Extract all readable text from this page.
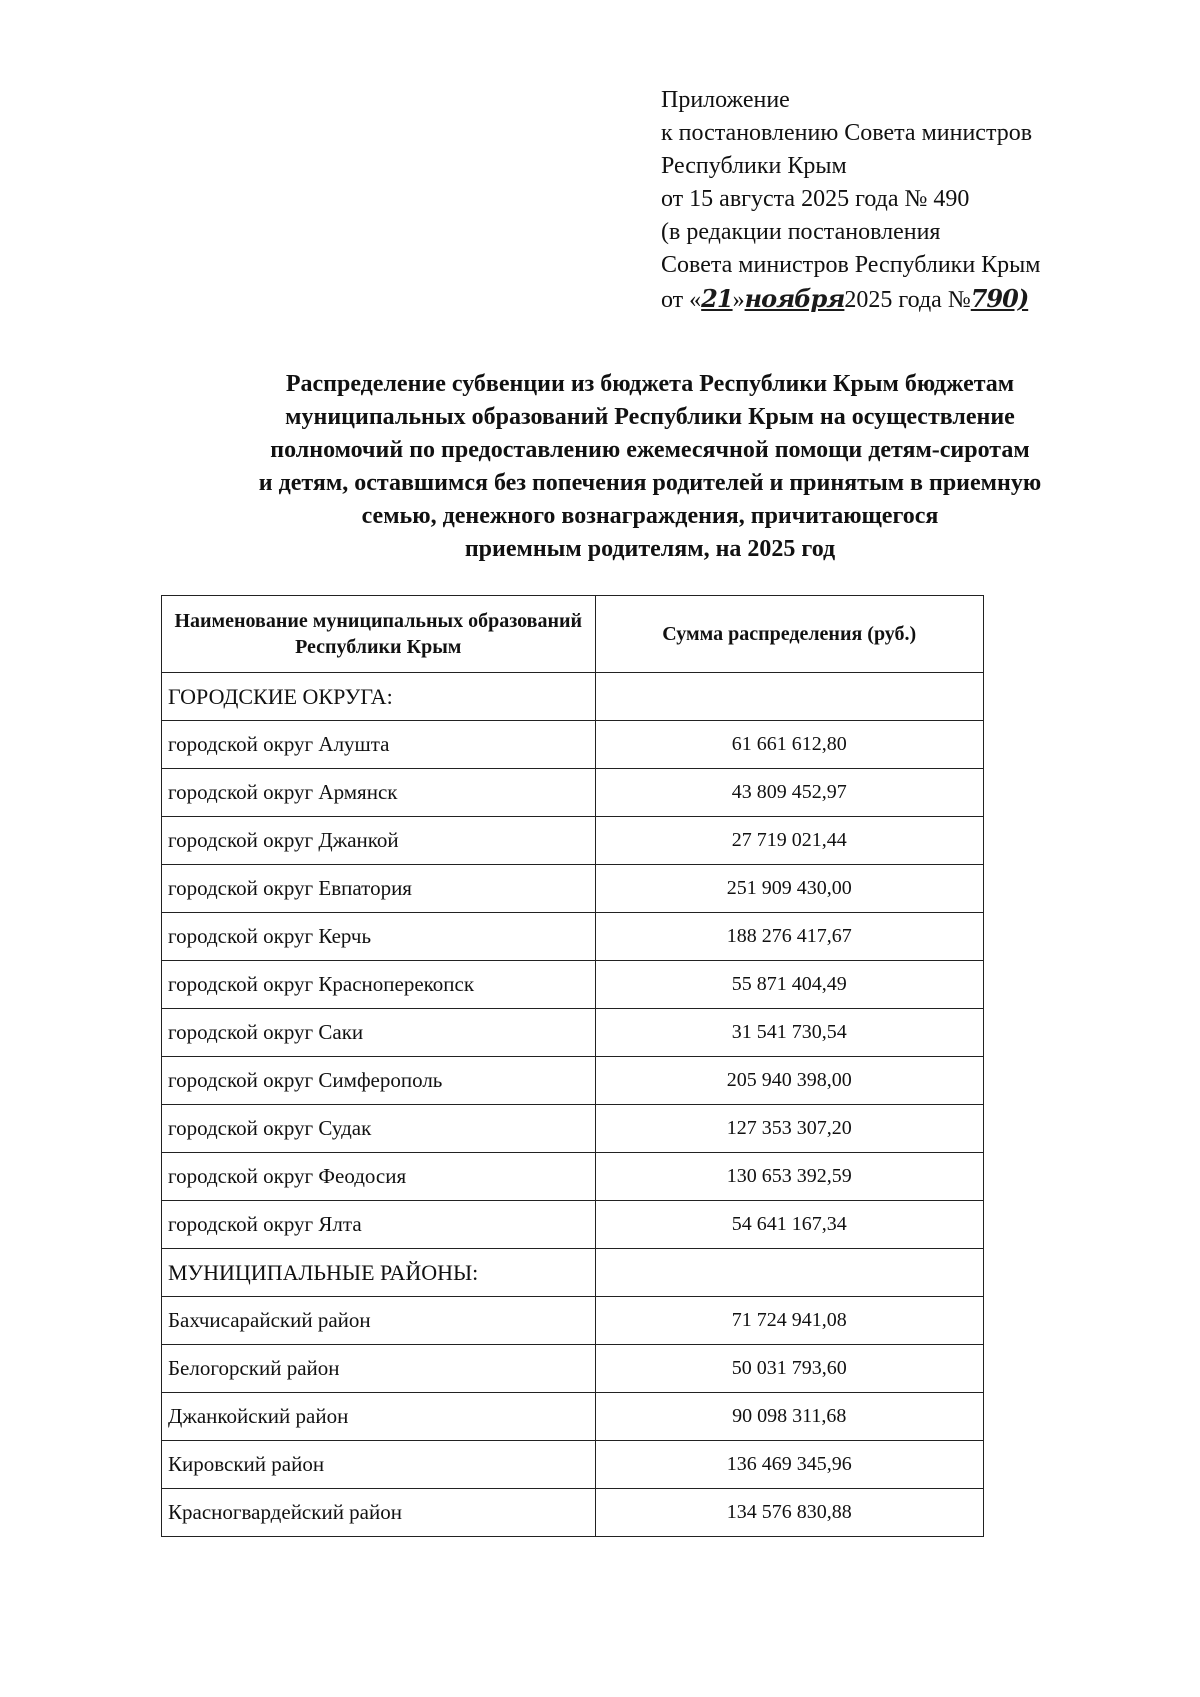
Приложение
к постановлению Совета министров
Республики Крым
от 15 августа 2025 года № 490
(в редакции постановления
Совета министров Республики Крым
от «21»ноября2025 года №790)
Распределение субвенции из бюджета Республики Крым бюджетам
муниципальных образований Республики Крым на осуществление
полномочий по предоставлению ежемесячной помощи детям-сиротам
и детям, оставшимся без попечения родителей и принятым в приемную
семью, денежного вознаграждения, причитающегося
приемным родителям, на 2025 год
Наименование муниципальных образований Республики Крым	Сумма распределения (руб.)
ГОРОДСКИЕ ОКРУГА:	
городской округ Алушта	61 661 612,80
городской округ Армянск	43 809 452,97
городской округ Джанкой	27 719 021,44
городской округ Евпатория	251 909 430,00
городской округ Керчь	188 276 417,67
городской округ Красноперекопск	55 871 404,49
городской округ Саки	31 541 730,54
городской округ Симферополь	205 940 398,00
городской округ Судак	127 353 307,20
городской округ Феодосия	130 653 392,59
городской округ Ялта	54 641 167,34
МУНИЦИПАЛЬНЫЕ РАЙОНЫ:	
Бахчисарайский район	71 724 941,08
Белогорский район	50 031 793,60
Джанкойский район	90 098 311,68
Кировский район	136 469 345,96
Красногвардейский район	134 576 830,88
